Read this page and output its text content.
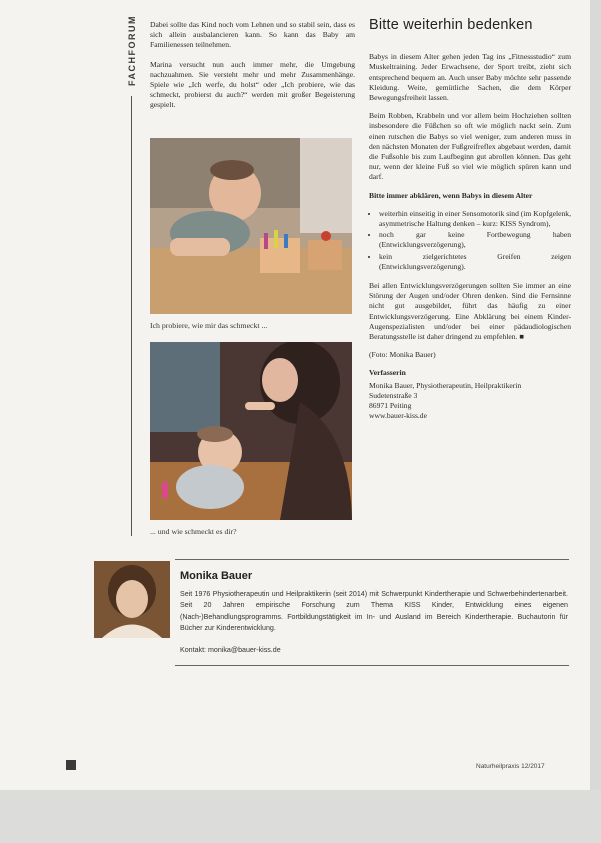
FACHFORUM Dabei sollte das Kind noch vom Lehnen und so stabil sein, dass es sich allein ausbalancieren kann. So kann das Baby am Familienessen teilnehmen.

Marina versucht nun auch immer mehr, die Umgebung nachzuahmen. Sie versteht mehr und mehr Zusammenhänge. Spiele wie „Ich werfe, du holst“ oder „Ich probiere, wie das schmeckt, probierst du auch?“ werden mit großer Begeisterung gespielt.

Ich probiere, wie mir das schmeckt ...
... und wie schmeckt es dir?
Bitte weiterhin bedenken

Babys in diesem Alter gehen jeden Tag ins „Fitnessstudio“ zum Muskeltraining. Jeder Erwachsene, der Sport treibt, zieht sich entsprechend bequem an. Auch unser Baby möchte sehr passende Kleidung. Weite, gemütliche Sachen, die dem Körper Bewegungsfreiheit lassen.

Beim Robben, Krabbeln und vor allem beim Hochziehen sollten insbesondere die Füßchen so oft wie möglich nackt sein. Zum einen rutschen die Babys so viel weniger, zum anderen muss in den nächsten Monaten der Fußgreifreflex abgebaut werden, damit die Fußsohle bis zum Laufbeginn gut abrollen können. Das geht nur, wenn der kleine Fuß so viel wie möglich spüren kann und darf.

Bitte immer abklären, wenn Babys in diesem Alter

• weiterhin einseitig in einer Sensomotorik sind (im Kopfgelenk, asymmetrische Haltung denken – kurz: KISS Syndrom),
• noch gar keine Fortbewegung haben (Entwicklungsverzögerung),
• kein zielgerichtetes Greifen zeigen (Entwicklungsverzögerung).

Bei allen Entwicklungsverzögerungen sollten Sie immer an eine Störung der Augen und/oder Ohren denken. Sind die Fernsinne nicht gut ausgebildet, führt das häufig zu einer Entwicklungsverzögerung. Eine Abklärung bei einem Kinder-Augenspezialisten und/oder bei einer pädaudiologischen Beratungsstelle ist daher dringend zu empfehlen. ■

(Foto: Monika Bauer)

Verfasserin

Monika Bauer, Physiotherapeutin, Heilpraktikerin
Sudetenstraße 3
86971 Peiting
www.bauer-kiss.de
Monika Bauer
Seit 1976 Physiotherapeutin und Heilpraktikerin (seit 2014) mit Schwerpunkt Kindertherapie und Schwerbehindertenarbeit. Seit 20 Jahren empirische Forschung zum Thema KISS Kinder, Entwicklung eines eigenen (Nach-)Behandlungsprogramms. Fortbildungstätigkeit im In- und Ausland im Bereich Kindertherapie. Buchautorin für Bücher zur Kinderentwicklung.
Kontakt: monika@bauer-kiss.de
Naturheilpraxis 12/2017
